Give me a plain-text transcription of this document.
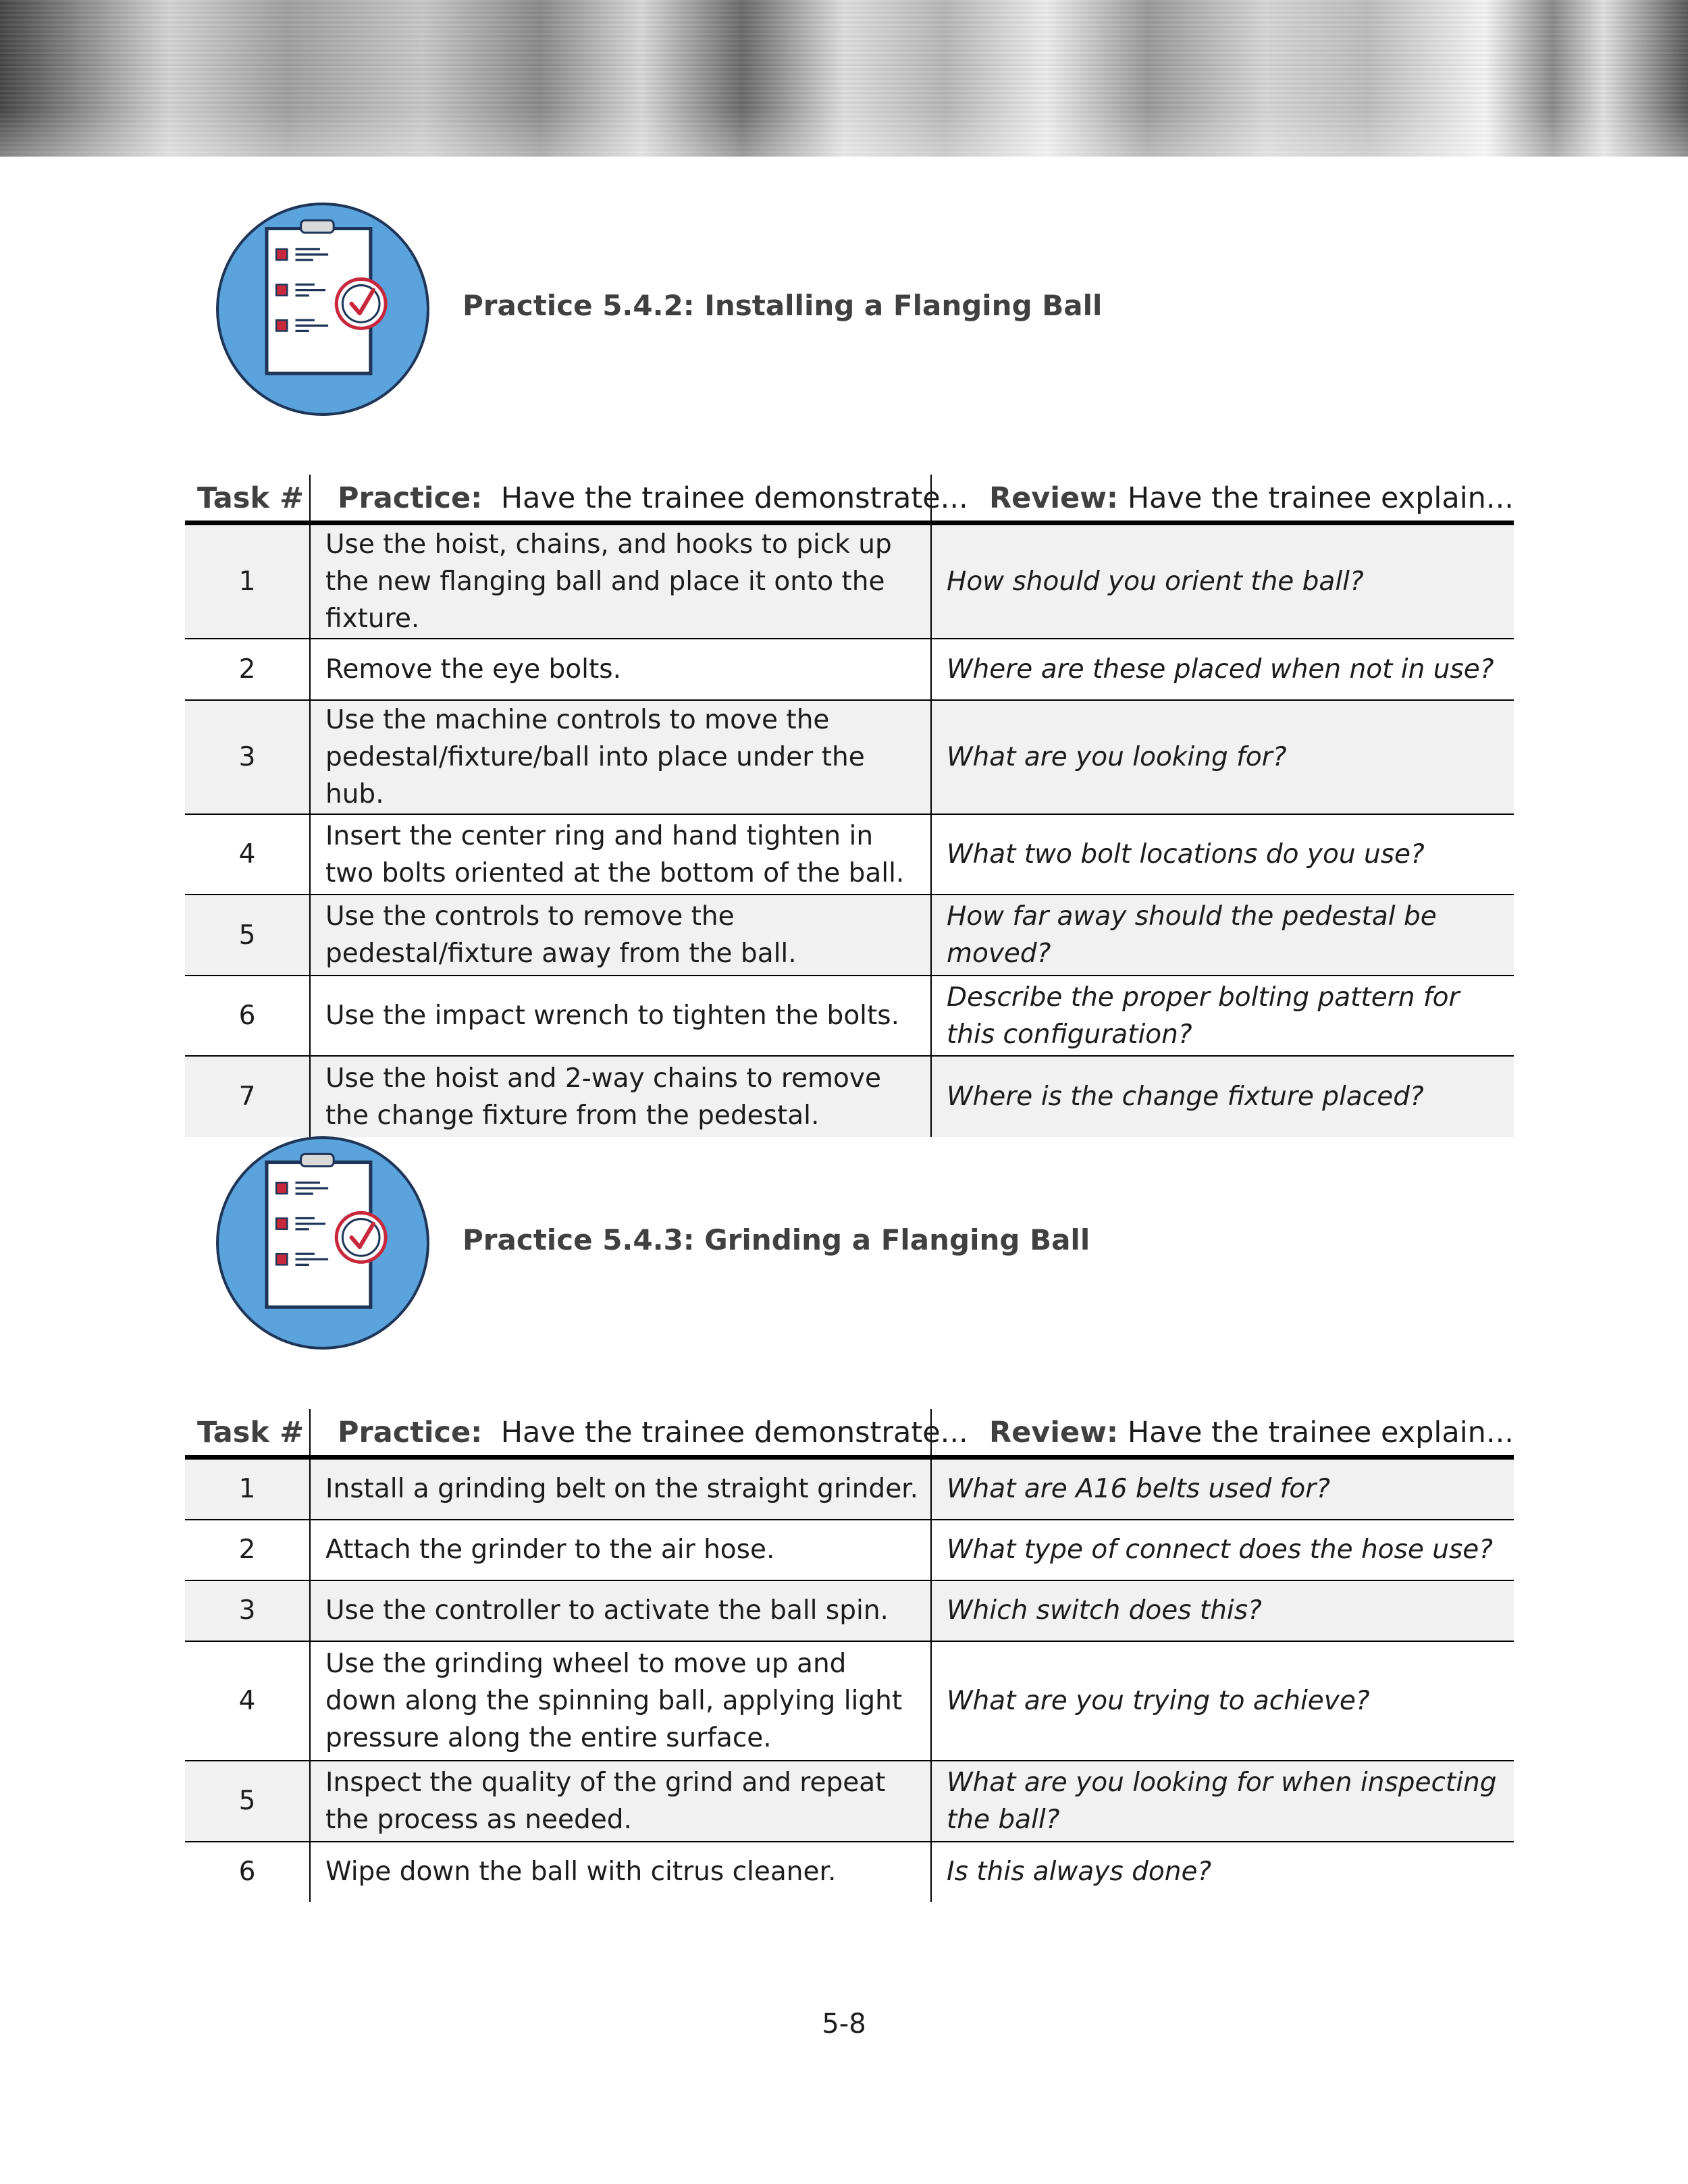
Practice 5.4.2: Installing a Flanging Ball
Task #	Practice: Have the trainee demonstrate...	Review: Have the trainee explain...
1	Use the hoist, chains, and hooks to pick up the new flanging ball and place it onto the fixture.	How should you orient the ball?
2	Remove the eye bolts.	Where are these placed when not in use?
3	Use the machine controls to move the pedestal/fixture/ball into place under the hub.	What are you looking for?
4	Insert the center ring and hand tighten in two bolts oriented at the bottom of the ball.	What two bolt locations do you use?
5	Use the controls to remove the pedestal/fixture away from the ball.	How far away should the pedestal be moved?
6	Use the impact wrench to tighten the bolts.	Describe the proper bolting pattern for this configuration?
7	Use the hoist and 2-way chains to remove the change fixture from the pedestal.	Where is the change fixture placed?
Practice 5.4.3: Grinding a Flanging Ball
Task #	Practice: Have the trainee demonstrate...	Review: Have the trainee explain...
1	Install a grinding belt on the straight grinder.	What are A16 belts used for?
2	Attach the grinder to the air hose.	What type of connect does the hose use?
3	Use the controller to activate the ball spin.	Which switch does this?
4	Use the grinding wheel to move up and down along the spinning ball, applying light pressure along the entire surface.	What are you trying to achieve?
5	Inspect the quality of the grind and repeat the process as needed.	What are you looking for when inspecting the ball?
6	Wipe down the ball with citrus cleaner.	Is this always done?
5-8
